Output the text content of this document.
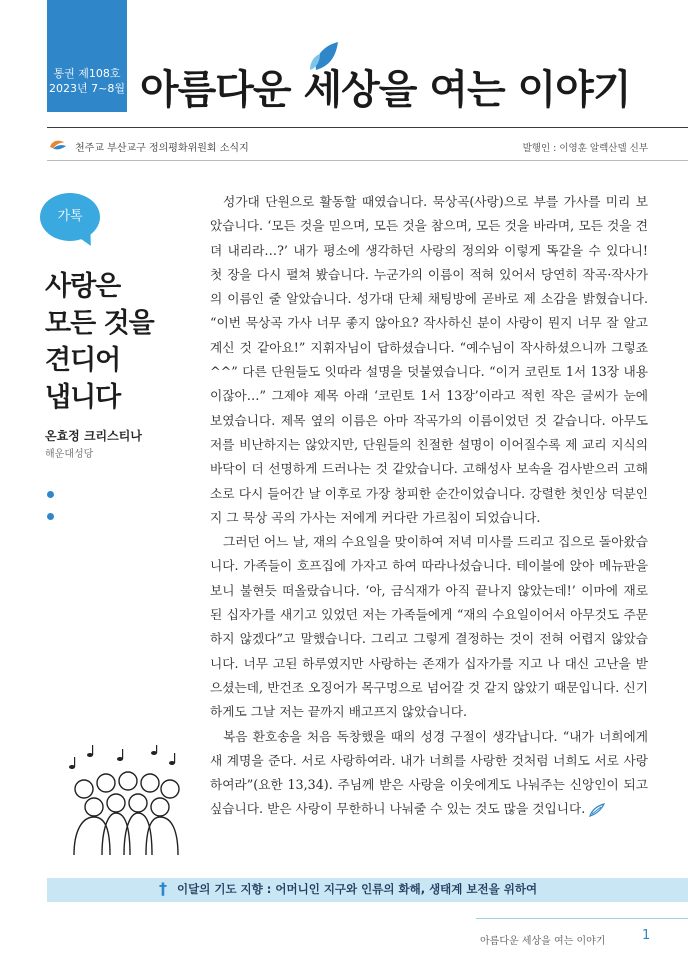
통권 제108호
2023년 7~8월 아름다운 세상을 여는 이야기
천주교 부산교구 정의평화위원회 소식지	발행인 : 이영훈 알렉산델 신부
가톡
사랑은
모든 것을
견디어
냅니다
온효정 크리스티나
해운대성당

성가대 단원으로 활동할 때였습니다. 묵상곡(사랑)으로 부를 가사를 미리 보았습니다. ‘모든 것을 믿으며, 모든 것을 참으며, 모든 것을 바라며, 모든 것을 견뎌 내리라…?’ 내가 평소에 생각하던 사랑의 정의와 이렇게 똑같을 수 있다니! 첫 장을 다시 펼쳐 봤습니다. 누군가의 이름이 적혀 있어서 당연히 작곡·작사가의 이름인 줄 알았습니다. 성가대 단체 채팅방에 곧바로 제 소감을 밝혔습니다. “이번 묵상곡 가사 너무 좋지 않아요? 작사하신 분이 사랑이 뭔지 너무 잘 알고 계신 것 같아요!” 지휘자님이 답하셨습니다. “예수님이 작사하셨으니까 그렇죠^^” 다른 단원들도 잇따라 설명을 덧붙였습니다. “이거 코린토 1서 13장 내용이잖아…” 그제야 제목 아래 ‘코린토 1서 13장’이라고 적힌 작은 글씨가 눈에 보였습니다. 제목 옆의 이름은 아마 작곡가의 이름이었던 것 같습니다. 아무도 저를 비난하지는 않았지만, 단원들의 친절한 설명이 이어질수록 제 교리 지식의 바닥이 더 선명하게 드러나는 것 같았습니다. 고해성사 보속을 검사받으러 고해소로 다시 들어간 날 이후로 가장 창피한 순간이었습니다. 강렬한 첫인상 덕분인지 그 묵상 곡의 가사는 저에게 커다란 가르침이 되었습니다.

그러던 어느 날, 재의 수요일을 맞이하여 저녁 미사를 드리고 집으로 돌아왔습니다. 가족들이 호프집에 가자고 하여 따라나섰습니다. 테이블에 앉아 메뉴판을 보니 불현듯 떠올랐습니다. ‘아, 금식재가 아직 끝나지 않았는데!’ 이마에 재로 된 십자가를 새기고 있었던 저는 가족들에게 “재의 수요일이어서 아무것도 주문하지 않겠다”고 말했습니다. 그리고 그렇게 결정하는 것이 전혀 어렵지 않았습니다. 너무 고된 하루였지만 사랑하는 존재가 십자가를 지고 나 대신 고난을 받으셨는데, 반건조 오징어가 목구멍으로 넘어갈 것 같지 않았기 때문입니다. 신기하게도 그날 저는 끝까지 배고프지 않았습니다.

복음 환호송을 처음 독창했을 때의 성경 구절이 생각납니다. “내가 너희에게 새 계명을 준다. 서로 사랑하여라. 내가 너희를 사랑한 것처럼 너희도 서로 사랑하여라”(요한 13,34). 주님께 받은 사랑을 이웃에게도 나눠주는 신앙인이 되고 싶습니다. 받은 사랑이 무한하니 나눠줄 수 있는 것도 많을 것입니다.

† 이달의 기도 지향 : 어머니인 지구와 인류의 화해, 생태계 보전을 위하여
아름다운 세상을 여는 이야기	1
